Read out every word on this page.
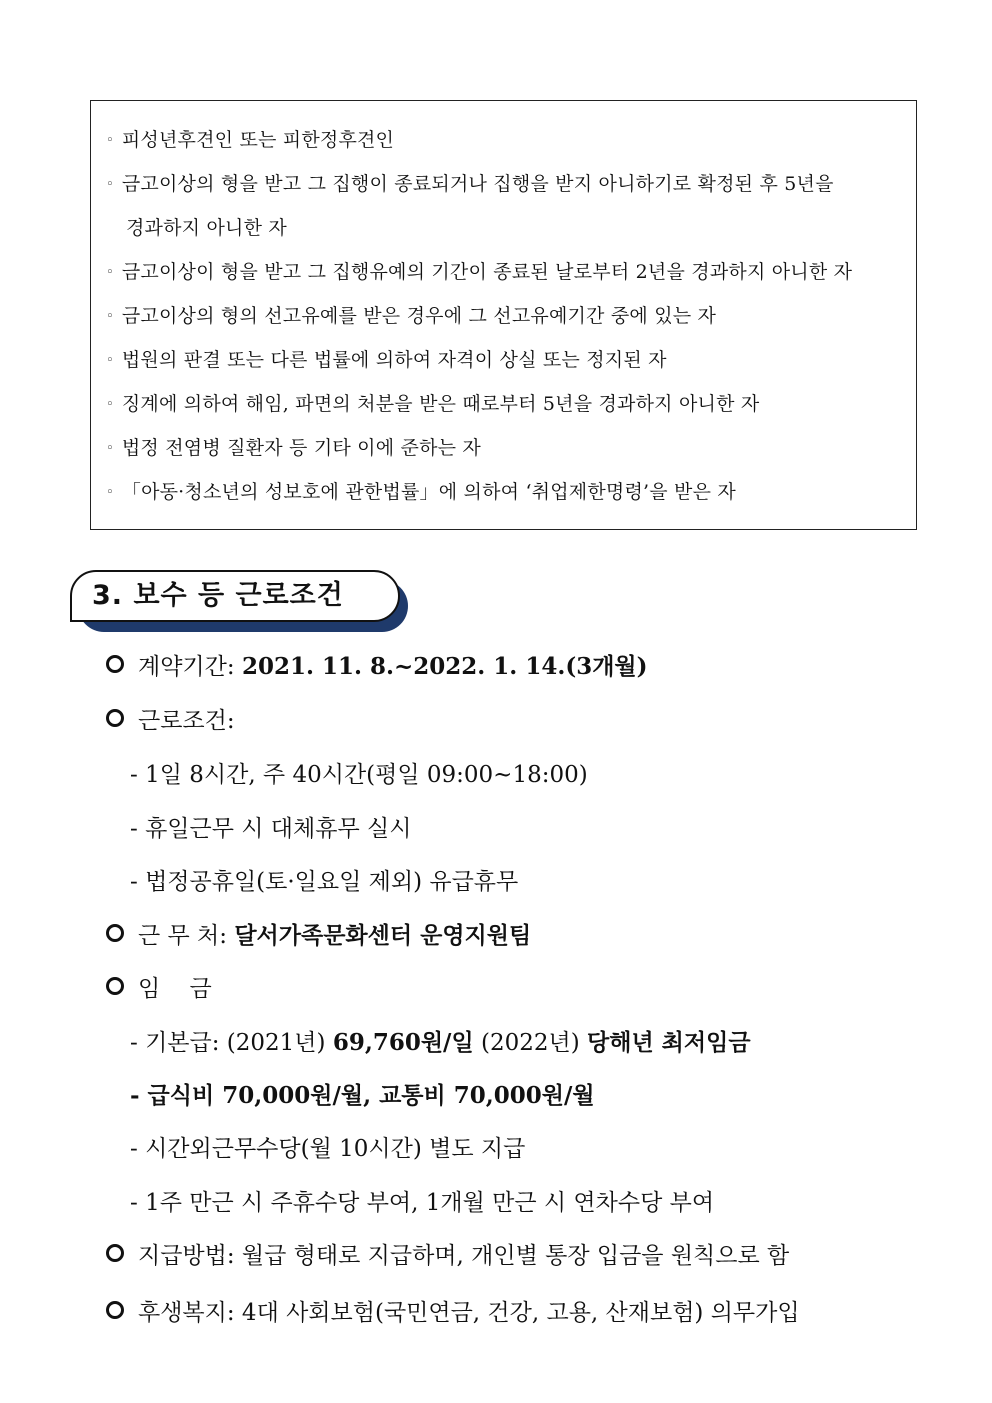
◦ 피성년후견인 또는 피한정후견인
◦ 금고이상의 형을 받고 그 집행이 종료되거나 집행을 받지 아니하기로 확정된 후 5년을
경과하지 아니한 자
◦ 금고이상이 형을 받고 그 집행유예의 기간이 종료된 날로부터 2년을 경과하지 아니한 자
◦ 금고이상의 형의 선고유예를 받은 경우에 그 선고유예기간 중에 있는 자
◦ 법원의 판결 또는 다른 법률에 의하여 자격이 상실 또는 정지된 자
◦ 징계에 의하여 해임, 파면의 처분을 받은 때로부터 5년을 경과하지 아니한 자
◦ 법정 전염병 질환자 등 기타 이에 준하는 자
◦ 「아동·청소년의 성보호에 관한법률」에 의하여 ‘취업제한명령’을 받은 자
3. 보수 등 근로조건
계약기간: 2021. 11. 8.~2022. 1. 14.(3개월)
근로조건:
- 1일 8시간, 주 40시간(평일 09:00~18:00)
- 휴일근무 시 대체휴무 실시
- 법정공휴일(토·일요일 제외) 유급휴무
근 무 처: 달서가족문화센터 운영지원팀
임    금
- 기본급: (2021년) 69,760원/일 (2022년) 당해년 최저임금
- 급식비 70,000원/월, 교통비 70,000원/월
- 시간외근무수당(월 10시간) 별도 지급
- 1주 만근 시 주휴수당 부여, 1개월 만근 시 연차수당 부여
지급방법: 월급 형태로 지급하며, 개인별 통장 입금을 원칙으로 함
후생복지: 4대 사회보험(국민연금, 건강, 고용, 산재보험) 의무가입
